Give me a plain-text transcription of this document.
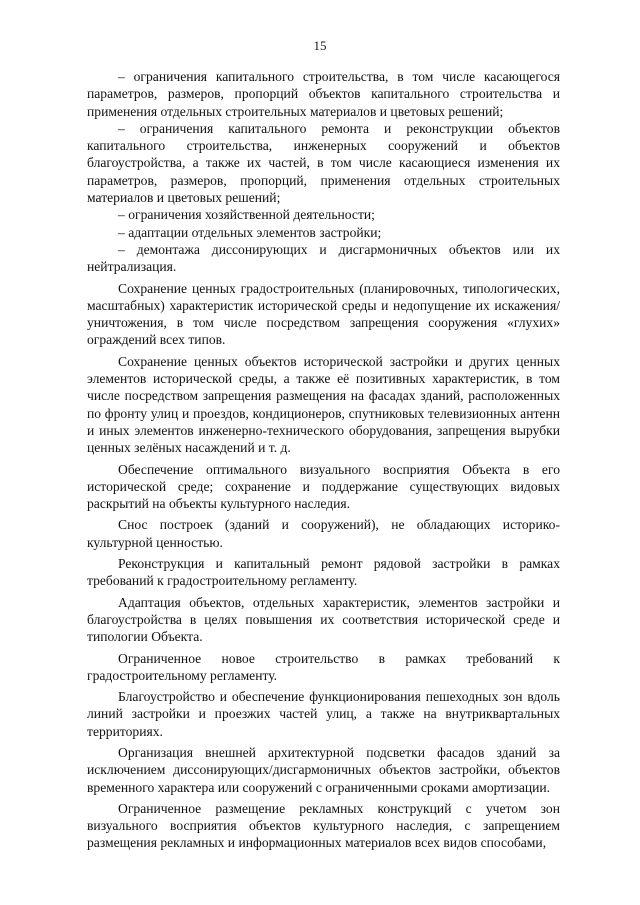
15

– ограничения капитального строительства, в том числе касающегося параметров, размеров, пропорций объектов капитального строительства и применения отдельных строительных материалов и цветовых решений;

– ограничения капитального ремонта и реконструкции объектов капитального строительства, инженерных сооружений и объектов благоустройства, а также их частей, в том числе касающиеся изменения их параметров, размеров, пропорций, применения отдельных строительных материалов и цветовых решений;

– ограничения хозяйственной деятельности;

– адаптации отдельных элементов застройки;

– демонтажа диссонирующих и дисгармоничных объектов или их нейтрализация.

Сохранение ценных градостроительных (планировочных, типологических, масштабных) характеристик исторической среды и недопущение их искажения/уничтожения, в том числе посредством запрещения сооружения «глухих» ограждений всех типов.

Сохранение ценных объектов исторической застройки и других ценных элементов исторической среды, а также её позитивных характеристик, в том числе посредством запрещения размещения на фасадах зданий, расположенных по фронту улиц и проездов, кондиционеров, спутниковых телевизионных антенн и иных элементов инженерно-технического оборудования, запрещения вырубки ценных зелёных насаждений и т. д.

Обеспечение оптимального визуального восприятия Объекта в его исторической среде; сохранение и поддержание существующих видовых раскрытий на объекты культурного наследия.

Снос построек (зданий и сооружений), не обладающих историко-культурной ценностью.

Реконструкция и капитальный ремонт рядовой застройки в рамках требований к градостроительному регламенту.

Адаптация объектов, отдельных характеристик, элементов застройки и благоустройства в целях повышения их соответствия исторической среде и типологии Объекта.

Ограниченное новое строительство в рамках требований к градостроительному регламенту.

Благоустройство и обеспечение функционирования пешеходных зон вдоль линий застройки и проезжих частей улиц, а также на внутриквартальных территориях.

Организация внешней архитектурной подсветки фасадов зданий за исключением диссонирующих/дисгармоничных объектов застройки, объектов временного характера или сооружений с ограниченными сроками амортизации.

Ограниченное размещение рекламных конструкций с учетом зон визуального восприятия объектов культурного наследия, с запрещением размещения рекламных и информационных материалов всех видов способами,
